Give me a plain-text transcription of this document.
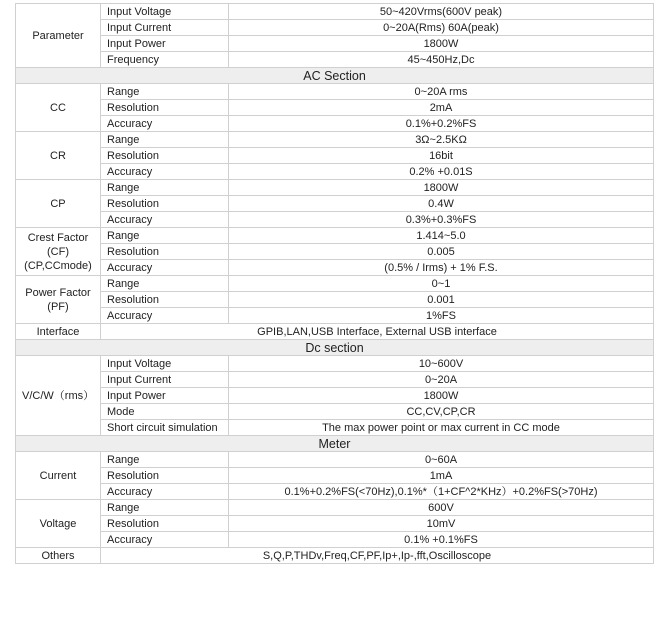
Parameter	Input Voltage	50~420Vrms(600V peak)
	Input Current	0~20A(Rms) 60A(peak)
	Input Power	1800W
	Frequency	45~450Hz,Dc
AC Section		
CC	Range	0~20A rms
	Resolution	2mA
	Accuracy	0.1%+0.2%FS
CR	Range	3Ω~2.5KΩ
	Resolution	16bit
	Accuracy	0.2% +0.01S
CP	Range	1800W
	Resolution	0.4W
	Accuracy	0.3%+0.3%FS

Crest Factor
(CF)
(CP,CCmode)	Range	1.414~5.0
	Resolution	0.005
	Accuracy	(0.5% / Irms) + 1% F.S.

Power Factor
(PF)	Range	0~1
	Resolution	0.001
	Accuracy	1%FS
Interface	GPIB,LAN,USB Interface, External USB interface	
Dc section		
V/C/W（rms）	Input Voltage	10~600V
	Input Current	0~20A
	Input Power	1800W
	Mode	CC,CV,CP,CR
	Short circuit simulation	The max power point or max current in CC mode
Meter		
Current	Range	0~60A
	Resolution	1mA
	Accuracy	0.1%+0.2%FS(<70Hz),0.1%*（1+CF^2*KHz）+0.2%FS(>70Hz)
Voltage	Range	600V
	Resolution	10mV
	Accuracy	0.1% +0.1%FS
Others	S,Q,P,THDv,Freq,CF,PF,Ip+,Ip-,fft,Oscilloscope	
